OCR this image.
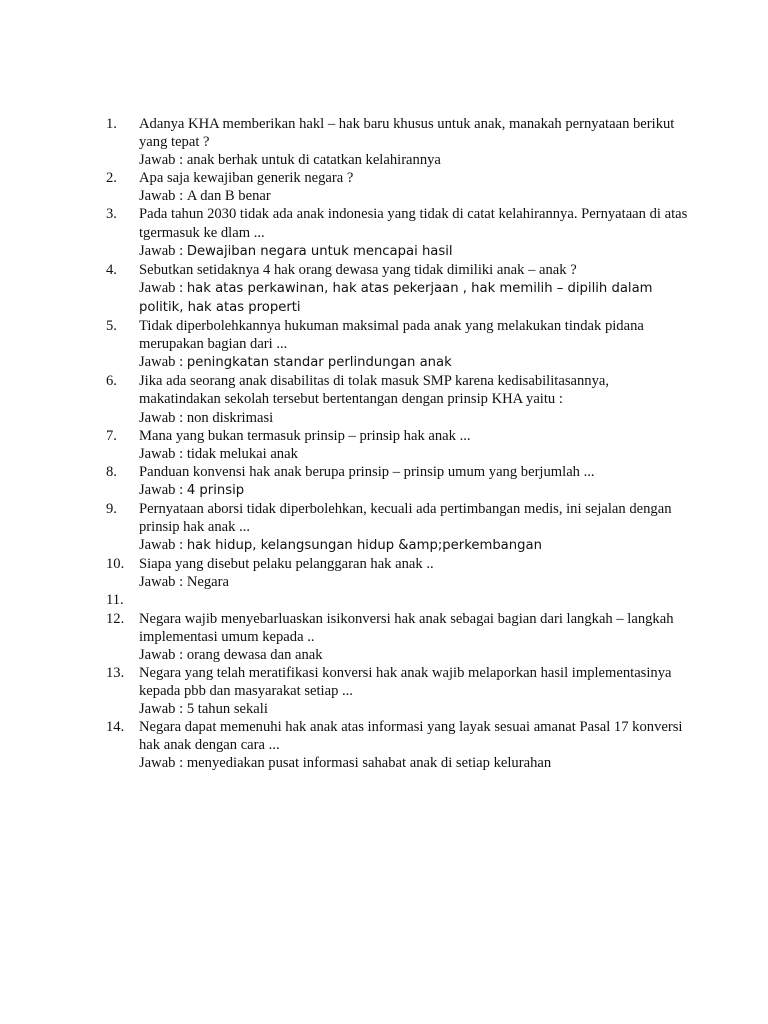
1.	Adanya KHA memberikan hakl – hak baru khusus untuk anak, manakah pernyataan berikut yang tepat ?
Jawab : anak berhak untuk di catatkan kelahirannya
2.	Apa saja kewajiban generik negara ?
Jawab : A dan B benar
3.	Pada tahun 2030 tidak ada anak indonesia yang tidak di catat kelahirannya. Pernyataan di atas tgermasuk ke dlam ...
Jawab : Dewajiban negara untuk mencapai hasil
4.	Sebutkan setidaknya 4 hak orang dewasa yang tidak dimiliki anak – anak ?
Jawab : hak atas perkawinan, hak atas pekerjaan , hak memilih – dipilih dalam politik, hak atas properti
5.	Tidak diperbolehkannya hukuman maksimal pada anak yang melakukan tindak pidana merupakan bagian dari ...
Jawab : peningkatan standar perlindungan anak
6.	Jika ada seorang anak disabilitas di tolak masuk SMP karena kedisabilitasannya, makatindakan sekolah tersebut bertentangan dengan prinsip KHA yaitu :
Jawab : non diskrimasi
7.	Mana yang bukan termasuk prinsip – prinsip hak anak ...
Jawab : tidak melukai anak
8.	Panduan konvensi hak anak berupa prinsip – prinsip umum yang berjumlah ...
Jawab : 4 prinsip
9.	Pernyataan aborsi tidak diperbolehkan, kecuali ada pertimbangan medis, ini sejalan dengan prinsip hak anak ...
Jawab : hak hidup, kelangsungan hidup &amp;perkembangan
10.	Siapa yang disebut pelaku pelanggaran hak anak ..
Jawab : Negara
11.
12.	Negara wajib menyebarluaskan isikonversi hak anak sebagai bagian dari langkah – langkah implementasi umum kepada ..
Jawab : orang dewasa dan anak
13.	Negara yang telah meratifikasi konversi hak anak wajib melaporkan hasil implementasinya kepada pbb dan masyarakat setiap ...
Jawab : 5 tahun sekali
14.	Negara dapat memenuhi hak anak atas informasi yang layak sesuai amanat Pasal 17 konversi hak anak dengan cara ...
Jawab : menyediakan pusat informasi sahabat anak di setiap kelurahan
